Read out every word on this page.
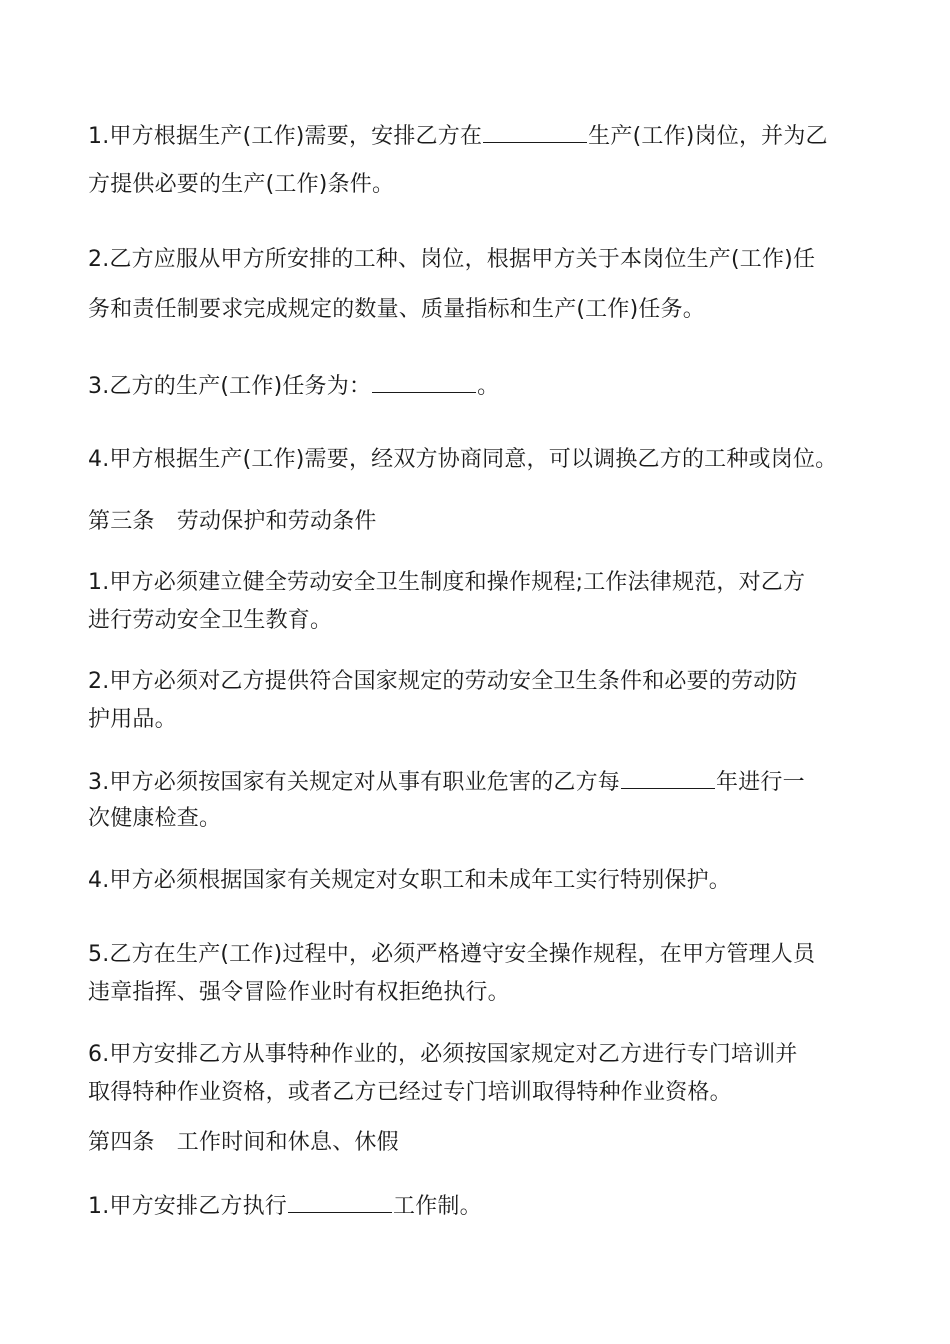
1.甲方根据生产(工作)需要，安排乙方在	生产(工作)岗位，并为乙
方提供必要的生产(工作)条件。
2.乙方应服从甲方所安排的工种、岗位，根据甲方关于本岗位生产(工作)任
务和责任制要求完成规定的数量、质量指标和生产(工作)任务。
3.乙方的生产(工作)任务为：	。
4.甲方根据生产(工作)需要，经双方协商同意，可以调换乙方的工种或岗位。
第三条　劳动保护和劳动条件
1.甲方必须建立健全劳动安全卫生制度和操作规程;工作法律规范，对乙方
进行劳动安全卫生教育。
2.甲方必须对乙方提供符合国家规定的劳动安全卫生条件和必要的劳动防
护用品。
3.甲方必须按国家有关规定对从事有职业危害的乙方每	年进行一
次健康检查。
4.甲方必须根据国家有关规定对女职工和未成年工实行特别保护。
5.乙方在生产(工作)过程中，必须严格遵守安全操作规程，在甲方管理人员
违章指挥、强令冒险作业时有权拒绝执行。
6.甲方安排乙方从事特种作业的，必须按国家规定对乙方进行专门培训并
取得特种作业资格，或者乙方已经过专门培训取得特种作业资格。
第四条　工作时间和休息、休假
1.甲方安排乙方执行	工作制。
